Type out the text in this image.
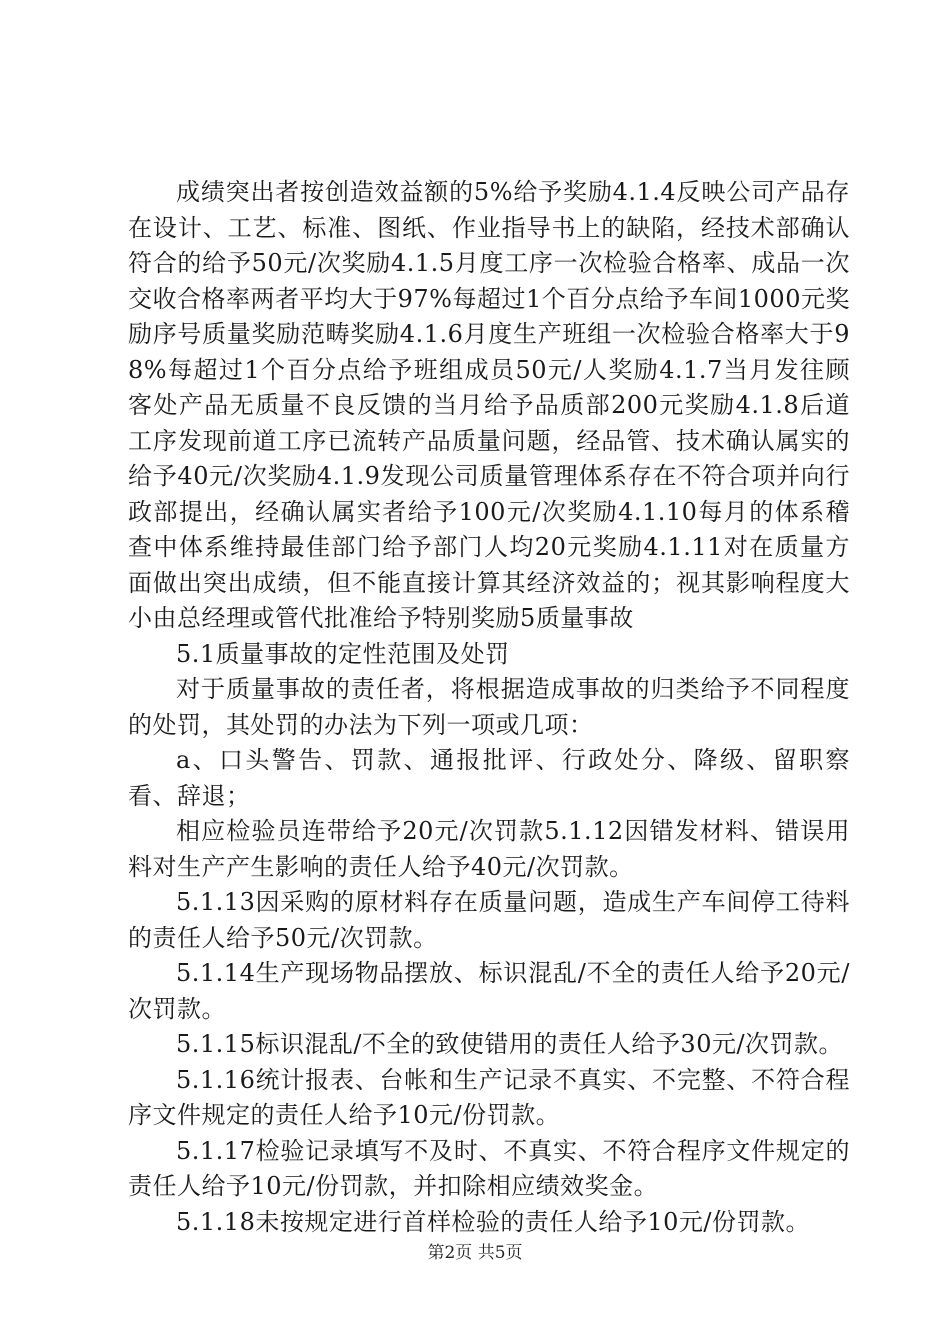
成绩突出者按创造效益额的5%给予奖励4.1.4反映公司产品存在设计、工艺、标准、图纸、作业指导书上的缺陷，经技术部确认符合的给予50元/次奖励4.1.5月度工序一次检验合格率、成品一次交收合格率两者平均大于97%每超过1个百分点给予车间1000元奖励序号质量奖励范畴奖励4.1.6月度生产班组一次检验合格率大于98%每超过1个百分点给予班组成员50元/人奖励4.1.7当月发往顾客处产品无质量不良反馈的当月给予品质部200元奖励4.1.8后道工序发现前道工序已流转产品质量问题，经品管、技术确认属实的给予40元/次奖励4.1.9发现公司质量管理体系存在不符合项并向行政部提出，经确认属实者给予100元/次奖励4.1.10每月的体系稽查中体系维持最佳部门给予部门人均20元奖励4.1.11对在质量方面做出突出成绩，但不能直接计算其经济效益的；视其影响程度大小由总经理或管代批准给予特别奖励5质量事故

5.1质量事故的定性范围及处罚

对于质量事故的责任者，将根据造成事故的归类给予不同程度的处罚，其处罚的办法为下列一项或几项：

a、口头警告、罚款、通报批评、行政处分、降级、留职察看、辞退；

相应检验员连带给予20元/次罚款5.1.12因错发材料、错误用料对生产产生影响的责任人给予40元/次罚款。

5.1.13因采购的原材料存在质量问题，造成生产车间停工待料的责任人给予50元/次罚款。

5.1.14生产现场物品摆放、标识混乱/不全的责任人给予20元/次罚款。

5.1.15标识混乱/不全的致使错用的责任人给予30元/次罚款。

5.1.16统计报表、台帐和生产记录不真实、不完整、不符合程序文件规定的责任人给予10元/份罚款。

5.1.17检验记录填写不及时、不真实、不符合程序文件规定的责任人给予10元/份罚款，并扣除相应绩效奖金。

5.1.18未按规定进行首样检验的责任人给予10元/份罚款。

第2页 共5页
